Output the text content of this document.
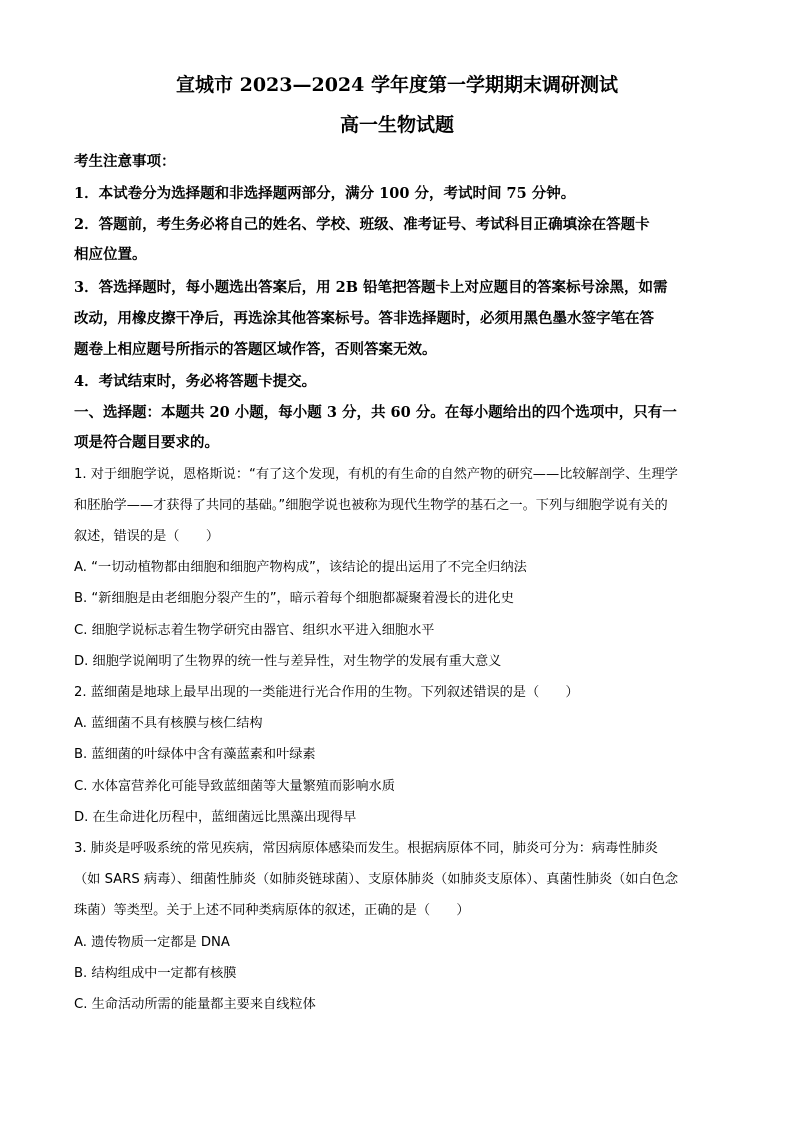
宣城市 2023—2024 学年度第一学期期末调研测试
高一生物试题
考生注意事项：
1．本试卷分为选择题和非选择题两部分，满分 100 分，考试时间 75 分钟。
2．答题前，考生务必将自己的姓名、学校、班级、准考证号、考试科目正确填涂在答题卡
相应位置。
3．答选择题时，每小题选出答案后，用 2B 铅笔把答题卡上对应题目的答案标号涂黑，如需
改动，用橡皮擦干净后，再选涂其他答案标号。答非选择题时，必须用黑色墨水签字笔在答
题卷上相应题号所指示的答题区域作答，否则答案无效。
4．考试结束时，务必将答题卡提交。
一、选择题：本题共 20 小题，每小题 3 分，共 60 分。在每小题给出的四个选项中，只有一
项是符合题目要求的。
1. 对于细胞学说，恩格斯说：“有了这个发现，有机的有生命的自然产物的研究——比较解剖学、生理学
和胚胎学——才获得了共同的基础。”细胞学说也被称为现代生物学的基石之一。下列与细胞学说有关的
叙述，错误的是（　　）
A. “一切动植物都由细胞和细胞产物构成”，该结论的提出运用了不完全归纳法
B. “新细胞是由老细胞分裂产生的”，暗示着每个细胞都凝聚着漫长的进化史
C. 细胞学说标志着生物学研究由器官、组织水平进入细胞水平
D. 细胞学说阐明了生物界的统一性与差异性，对生物学的发展有重大意义
2. 蓝细菌是地球上最早出现的一类能进行光合作用的生物。下列叙述错误的是（　　）
A. 蓝细菌不具有核膜与核仁结构
B. 蓝细菌的叶绿体中含有藻蓝素和叶绿素
C. 水体富营养化可能导致蓝细菌等大量繁殖而影响水质
D. 在生命进化历程中，蓝细菌远比黑藻出现得早
3. 肺炎是呼吸系统的常见疾病，常因病原体感染而发生。根据病原体不同，肺炎可分为：病毒性肺炎
（如 SARS 病毒）、细菌性肺炎（如肺炎链球菌）、支原体肺炎（如肺炎支原体）、真菌性肺炎（如白色念
珠菌）等类型。关于上述不同种类病原体的叙述，正确的是（　　）
A. 遗传物质一定都是 DNA
B. 结构组成中一定都有核膜
C. 生命活动所需的能量都主要来自线粒体
